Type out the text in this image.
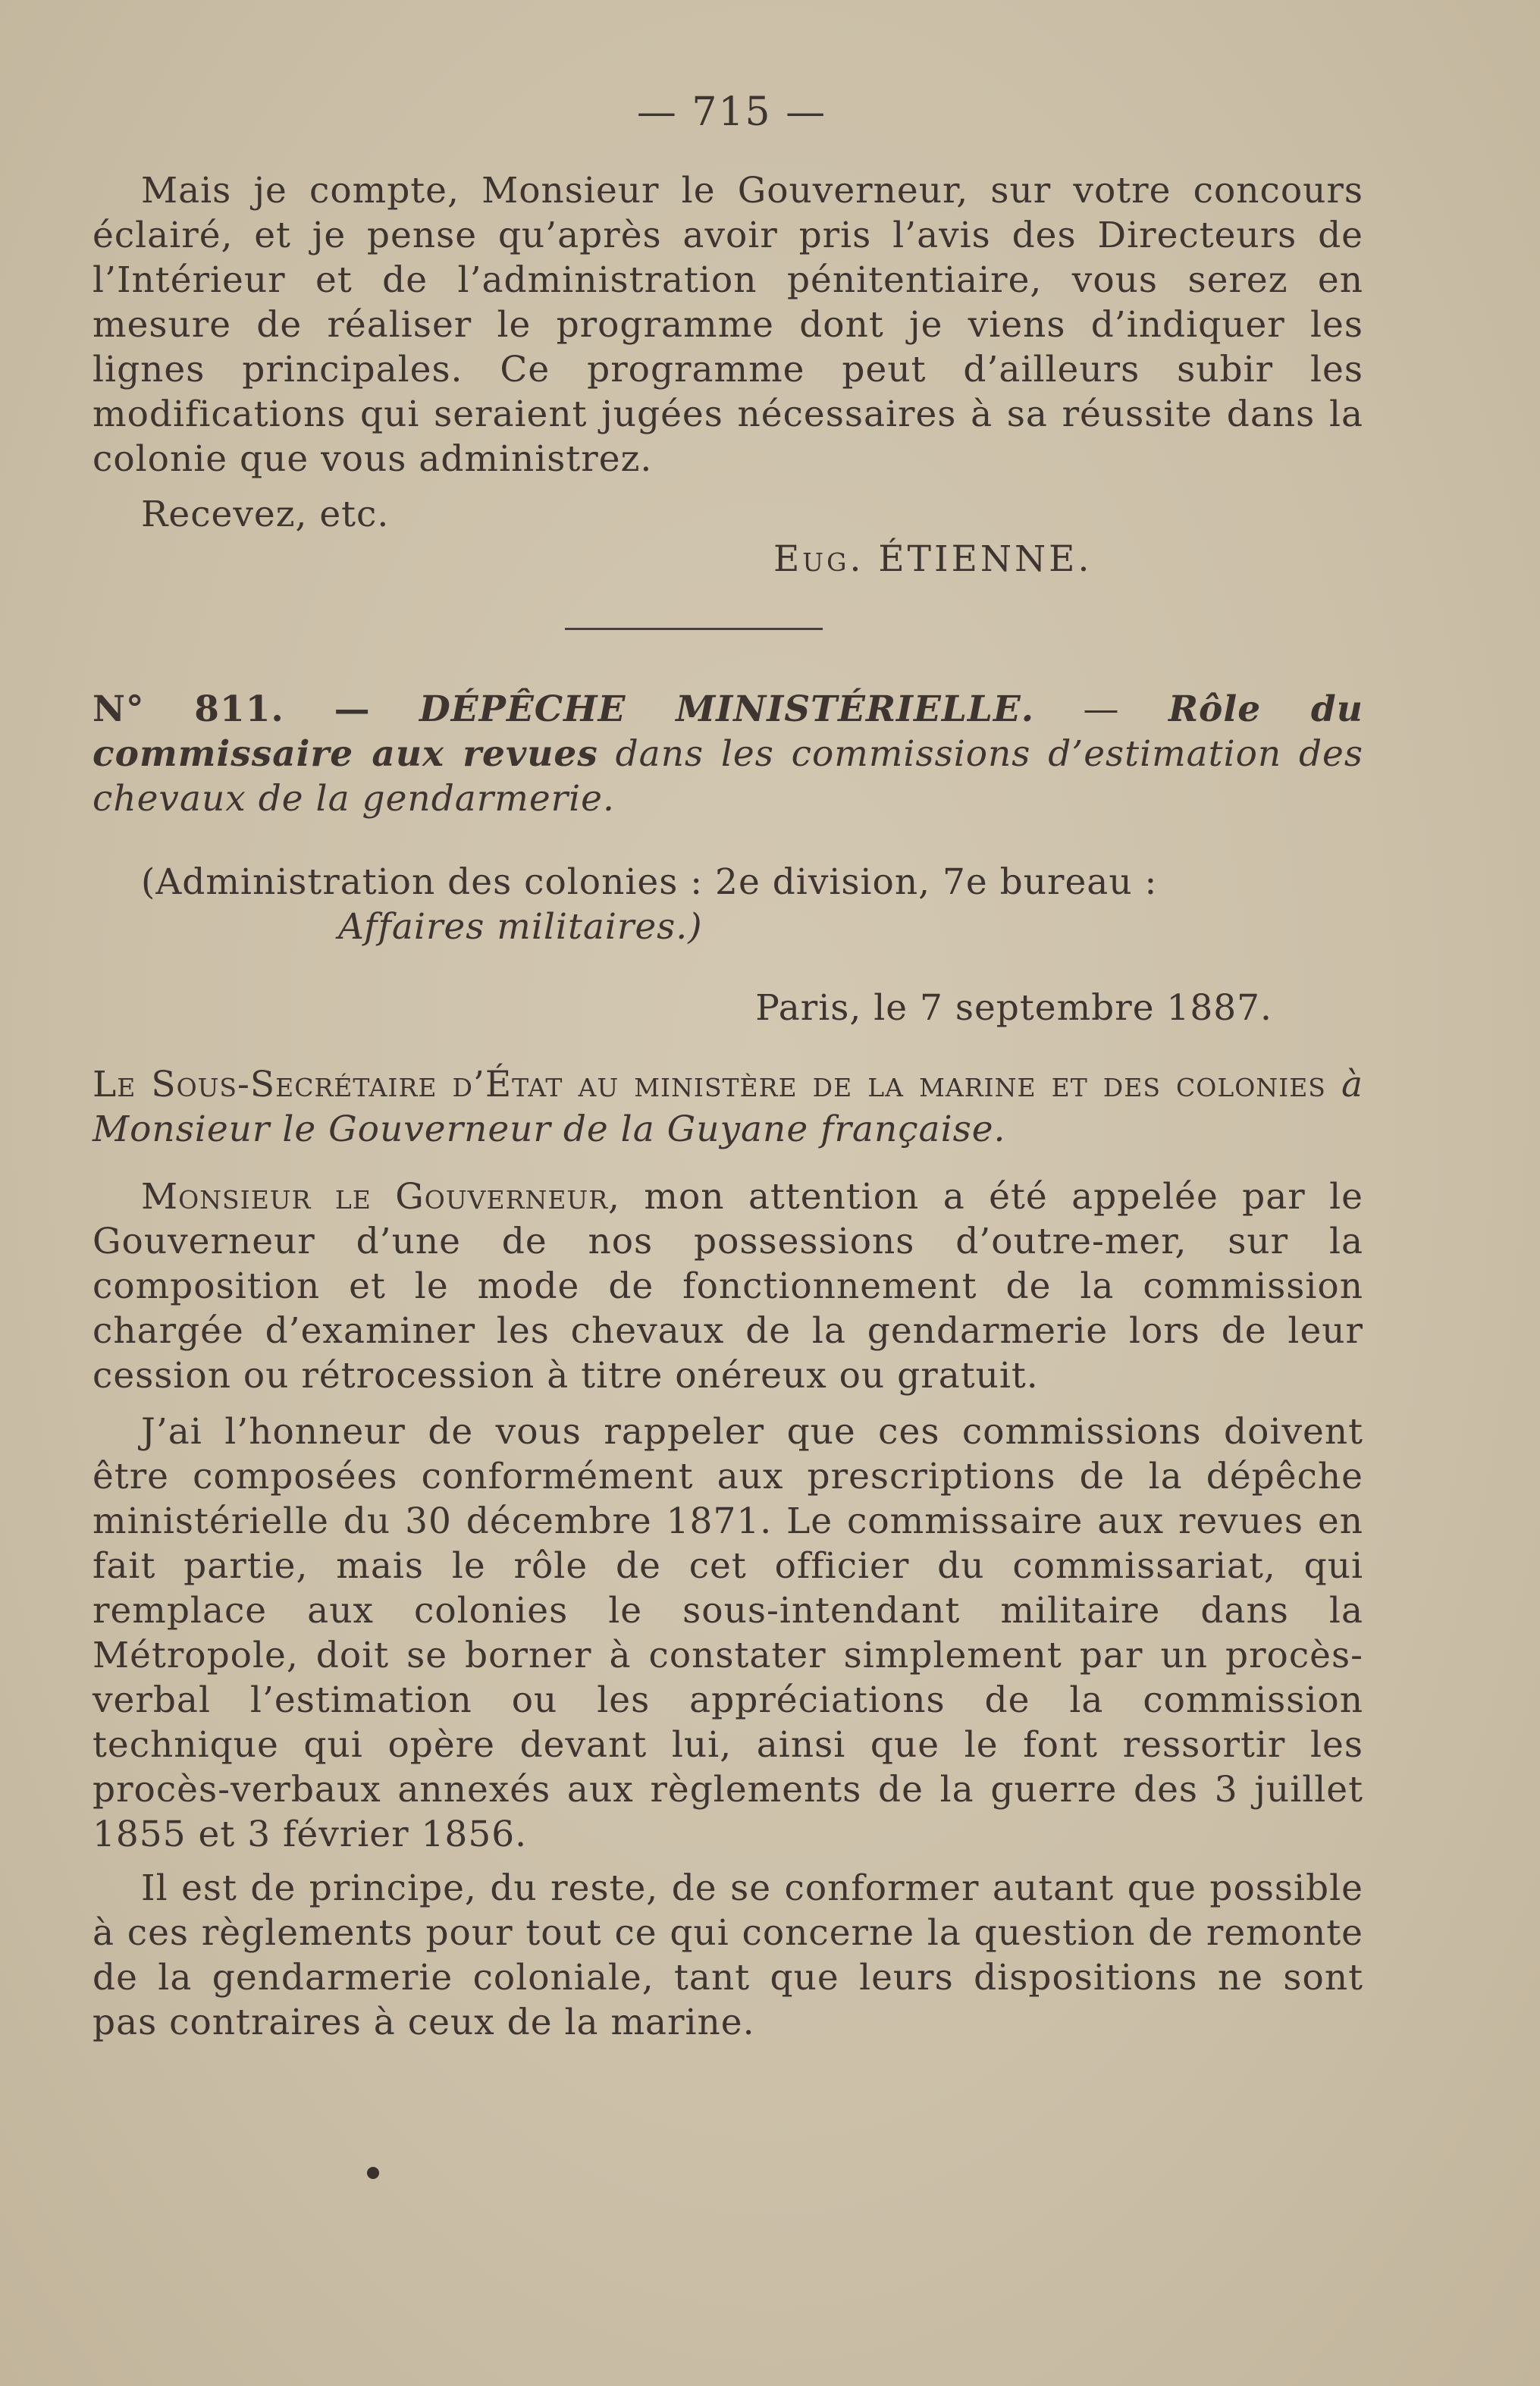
— 715 —
Mais je compte, Monsieur le Gouverneur, sur votre concours éclairé, et je pense qu’après avoir pris l’avis des Directeurs de l’Intérieur et de l’administration pénitentiaire, vous serez en mesure de réaliser le programme dont je viens d’indiquer les lignes principales. Ce programme peut d’ailleurs subir les modifications qui seraient jugées nécessaires à sa réussite dans la colonie que vous administrez.
Recevez, etc.
Eug. ÉTIENNE.
N° 811. — DÉPÊCHE MINISTÉRIELLE. — Rôle du commissaire aux revues dans les commissions d’estimation des chevaux de la gendarmerie.
(Administration des colonies : 2e division, 7e bureau :
Affaires militaires.)
Paris, le 7 septembre 1887.
Le Sous-Secrétaire d’État au ministère de la marine et des colonies à Monsieur le Gouverneur de la Guyane française.
Monsieur le Gouverneur, mon attention a été appelée par le Gouverneur d’une de nos possessions d’outre-mer, sur la composition et le mode de fonctionnement de la commission chargée d’examiner les chevaux de la gendarmerie lors de leur cession ou rétrocession à titre onéreux ou gratuit.
J’ai l’honneur de vous rappeler que ces commissions doivent être composées conformément aux prescriptions de la dépêche ministérielle du 30 décembre 1871. Le commissaire aux revues en fait partie, mais le rôle de cet officier du commissariat, qui remplace aux colonies le sous-intendant militaire dans la Métropole, doit se borner à constater simplement par un procès-verbal l’estimation ou les appréciations de la commission technique qui opère devant lui, ainsi que le font ressortir les procès-verbaux annexés aux règlements de la guerre des 3 juillet 1855 et 3 février 1856.
Il est de principe, du reste, de se conformer autant que possible à ces règlements pour tout ce qui concerne la question de remonte de la gendarmerie coloniale, tant que leurs dispositions ne sont pas contraires à ceux de la marine.
